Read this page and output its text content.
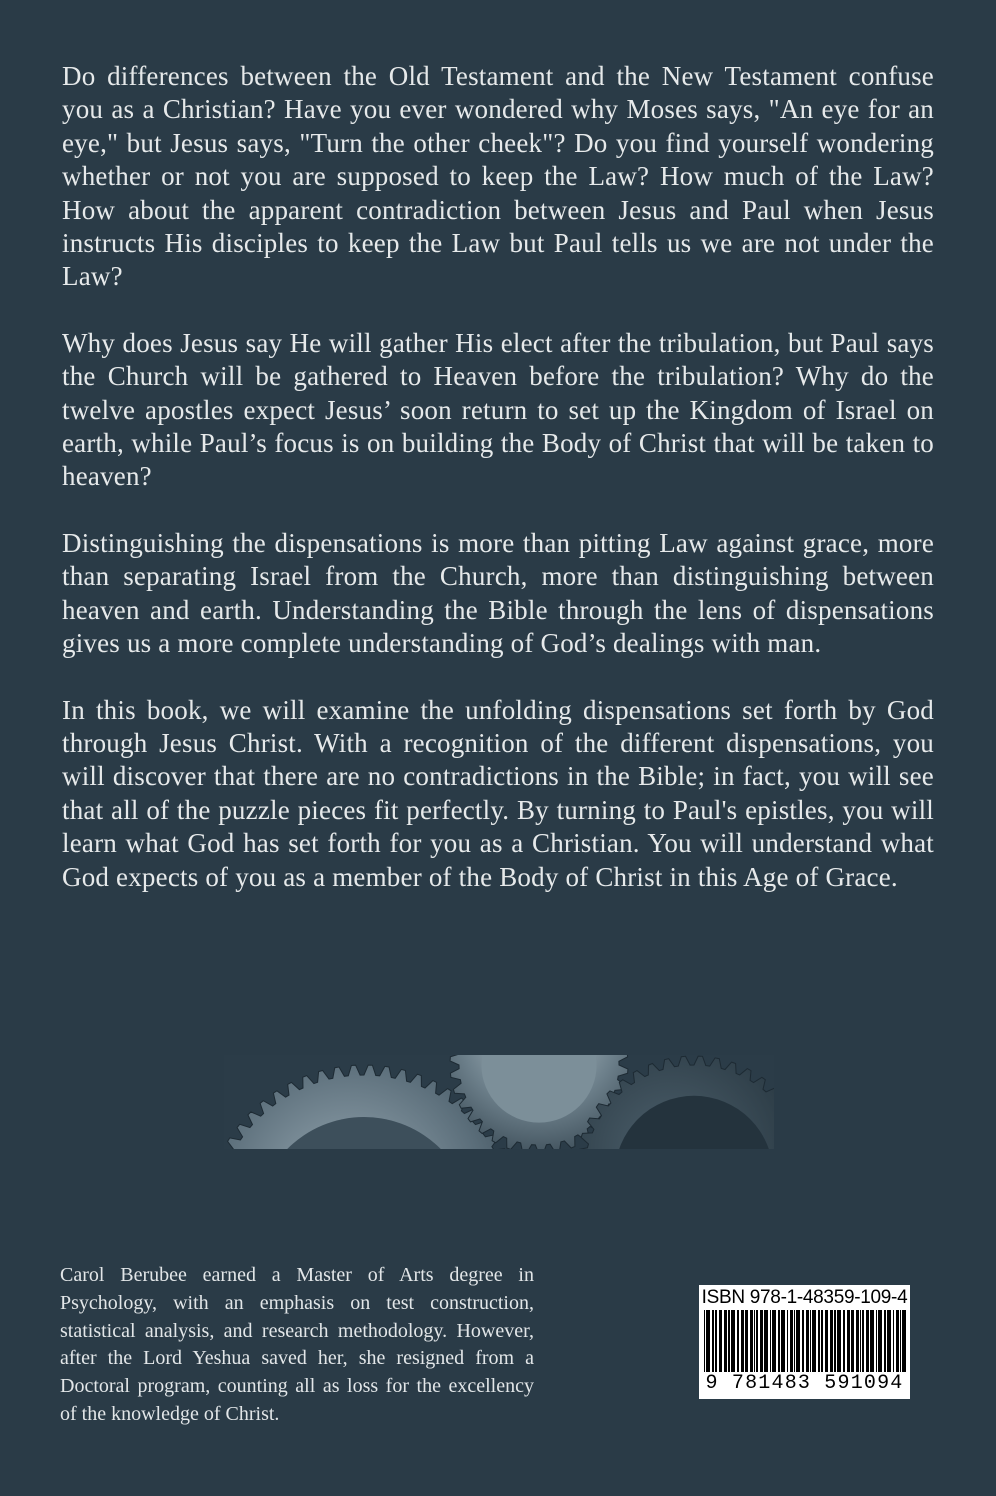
Do differences between the Old Testament and the New Testament confuse you as a Christian? Have you ever wondered why Moses says, "An eye for an eye," but Jesus says, "Turn the other cheek"? Do you find yourself wondering whether or not you are supposed to keep the Law? How much of the Law? How about the apparent contradiction between Jesus and Paul when Jesus instructs His disciples to keep the Law but Paul tells us we are not under the Law?

Why does Jesus say He will gather His elect after the tribulation, but Paul says the Church will be gathered to Heaven before the tribulation? Why do the twelve apostles expect Jesus’ soon return to set up the Kingdom of Israel on earth, while Paul’s focus is on building the Body of Christ that will be taken to heaven?

Distinguishing the dispensations is more than pitting Law against grace, more than separating Israel from the Church, more than distinguishing between heaven and earth. Understanding the Bible through the lens of dispensations gives us a more complete understanding of God’s dealings with man.

In this book, we will examine the unfolding dispensations set forth by God through Jesus Christ. With a recognition of the different dispensations, you will discover that there are no contradictions in the Bible; in fact, you will see that all of the puzzle pieces fit perfectly. By turning to Paul's epistles, you will learn what God has set forth for you as a Christian. You will understand what God expects of you as a member of the Body of Christ in this Age of Grace.

Carol Berubee earned a Master of Arts degree in Psychology, with an emphasis on test construction, statistical analysis, and research methodology. However, after the Lord Yeshua saved her, she resigned from a Doctoral program, counting all as loss for the excellency of the knowledge of Christ.
ISBN 978-1-48359-109-4
9 781483 591094
